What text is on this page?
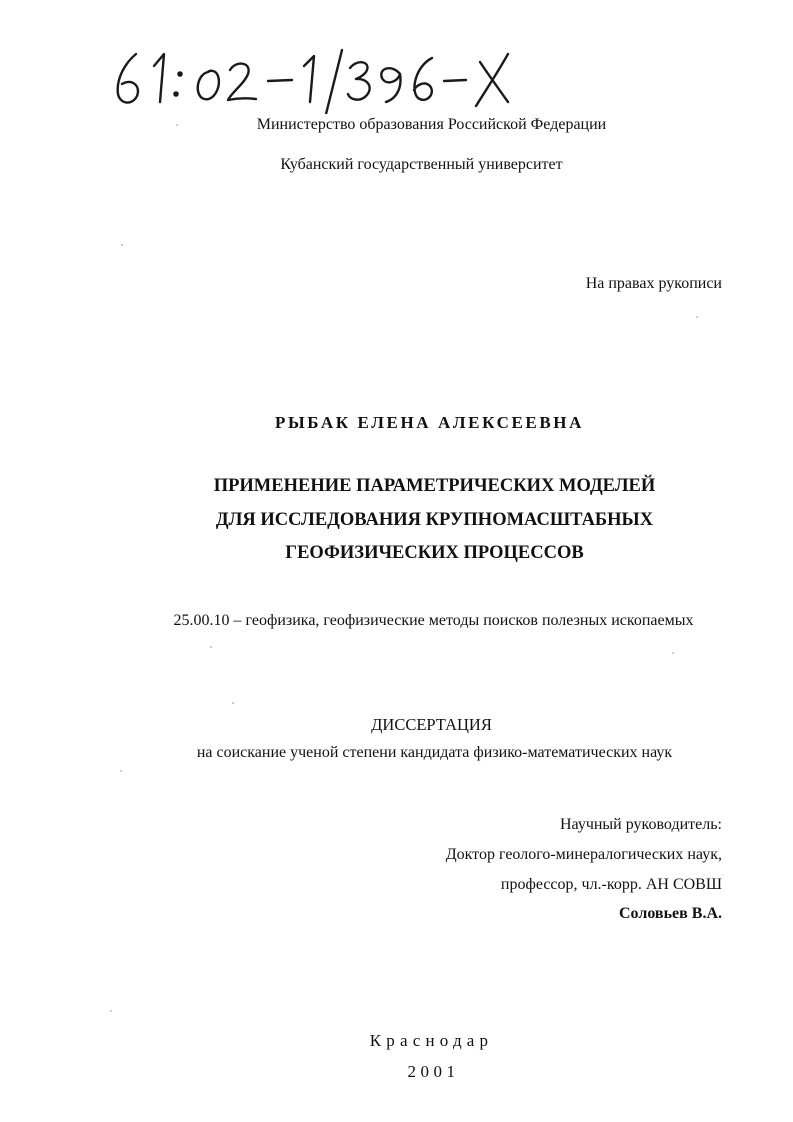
Министерство образования Российской Федерации
Кубанский государственный университет
На правах рукописи
РЫБАК ЕЛЕНА АЛЕКСЕЕВНА
ПРИМЕНЕНИЕ ПАРАМЕТРИЧЕСКИХ МОДЕЛЕЙ
ДЛЯ ИССЛЕДОВАНИЯ КРУПНОМАСШТАБНЫХ
ГЕОФИЗИЧЕСКИХ ПРОЦЕССОВ
25.00.10 – геофизика, геофизические методы поисков полезных ископаемых
ДИССЕРТАЦИЯ
на соискание ученой степени кандидата физико-математических наук
Научный руководитель:
Доктор геолого-минералогических наук,
профессор, чл.-корр. АН СОВШ
Соловьев В.А.
Краснодар
2001
